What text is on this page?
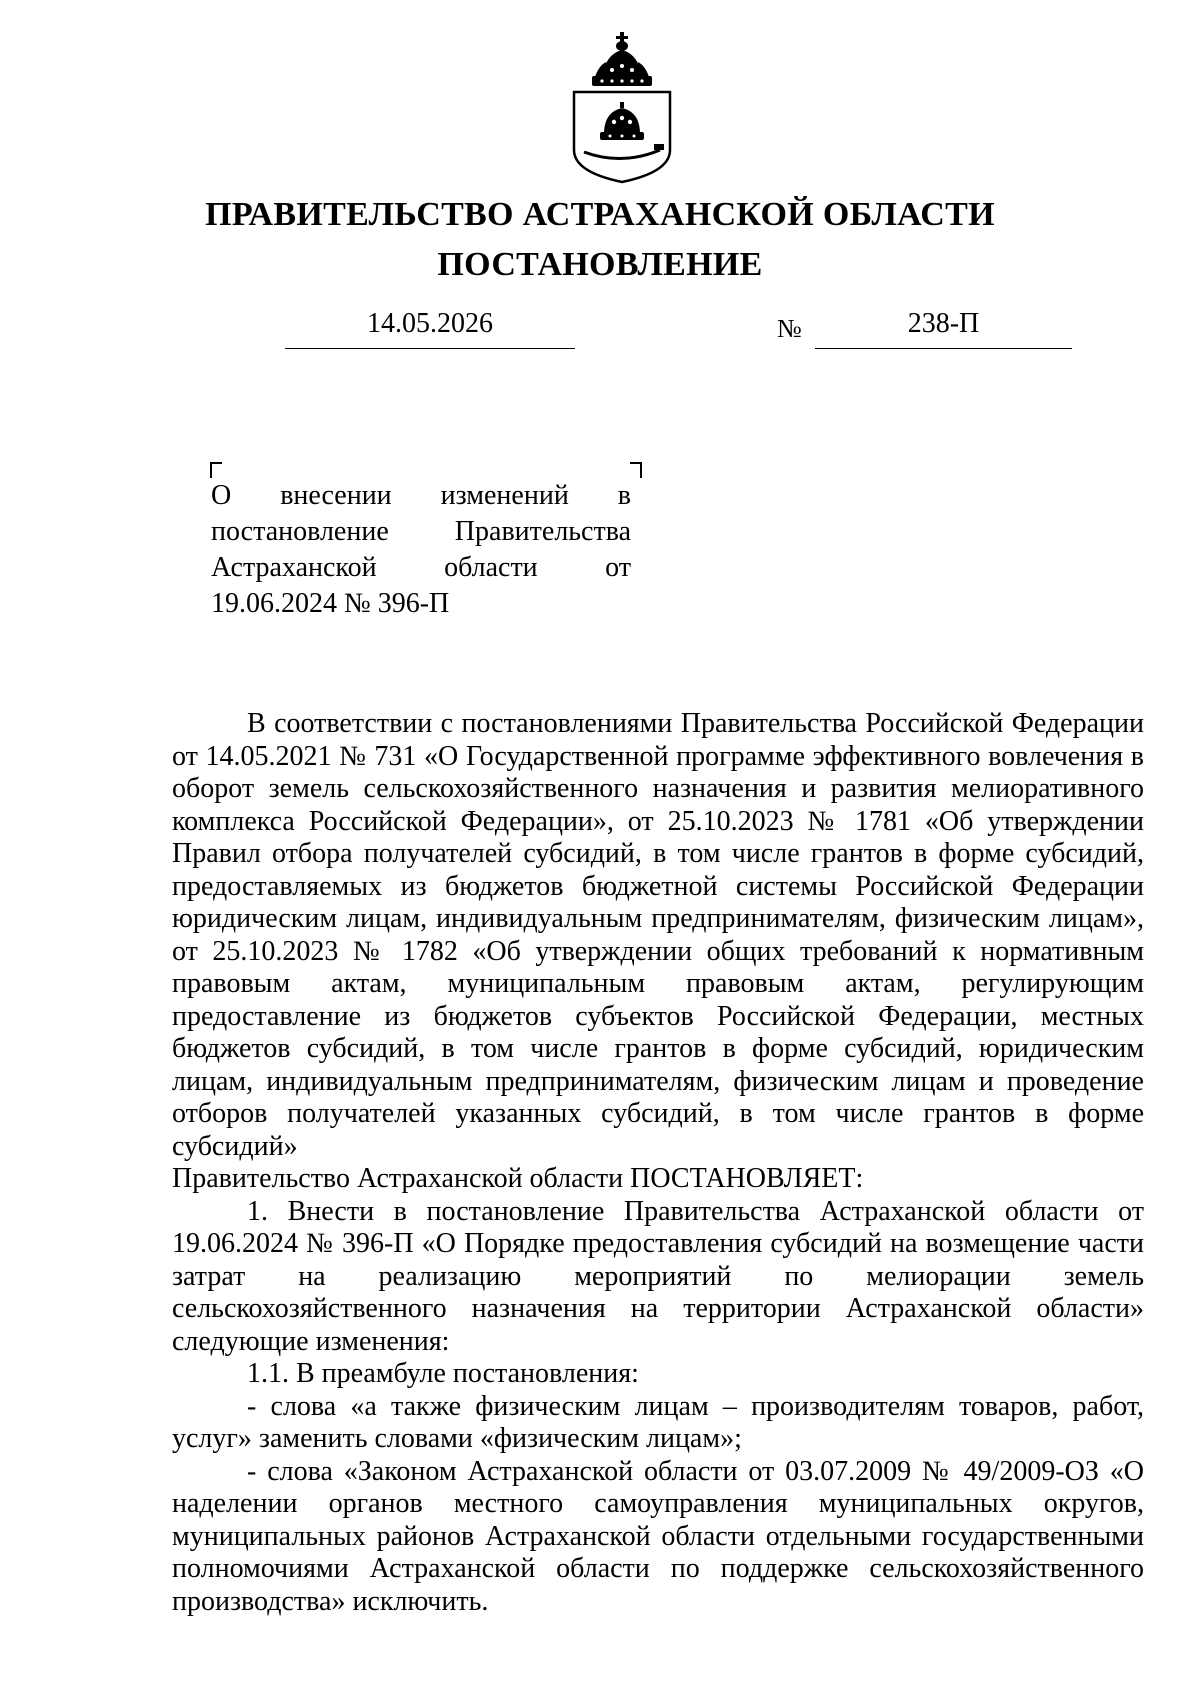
ПРАВИТЕЛЬСТВО АСТРАХАНСКОЙ ОБЛАСТИ

ПОСТАНОВЛЕНИЕ

14.05.2026	№	238-П

О внесении изменений в постановление Правительства Астраханской области от 19.06.2024 № 396-П

В соответствии с постановлениями Правительства Российской Федерации от 14.05.2021 № 731 «О Государственной программе эффективного вовлечения в оборот земель сельскохозяйственного назначения и развития мелиоративного комплекса Российской Федерации», от 25.10.2023 № 1781 «Об утверждении Правил отбора получателей субсидий, в том числе грантов в форме субсидий, предоставляемых из бюджетов бюджетной системы Российской Федерации юридическим лицам, индивидуальным предпринимателям, физическим лицам», от 25.10.2023 № 1782 «Об утверждении общих требований к нормативным правовым актам, муниципальным правовым актам, регулирующим предоставление из бюджетов субъектов Российской Федерации, местных бюджетов субсидий, в том числе грантов в форме субсидий, юридическим лицам, индивидуальным предпринимателям, физическим лицам и проведение отборов получателей указанных субсидий, в том числе грантов в форме субсидий»

Правительство Астраханской области ПОСТАНОВЛЯЕТ:

1. Внести в постановление Правительства Астраханской области от 19.06.2024 № 396-П «О Порядке предоставления субсидий на возмещение части затрат на реализацию мероприятий по мелиорации земель сельскохозяйственного назначения на территории Астраханской области» следующие изменения:

1.1. В преамбуле постановления:

- слова «а также физическим лицам – производителям товаров, работ, услуг» заменить словами «физическим лицам»;

- слова «Законом Астраханской области от 03.07.2009 № 49/2009-ОЗ «О наделении органов местного самоуправления муниципальных округов, муниципальных районов Астраханской области отдельными государственными полномочиями Астраханской области по поддержке сельскохозяйственного производства» исключить.
